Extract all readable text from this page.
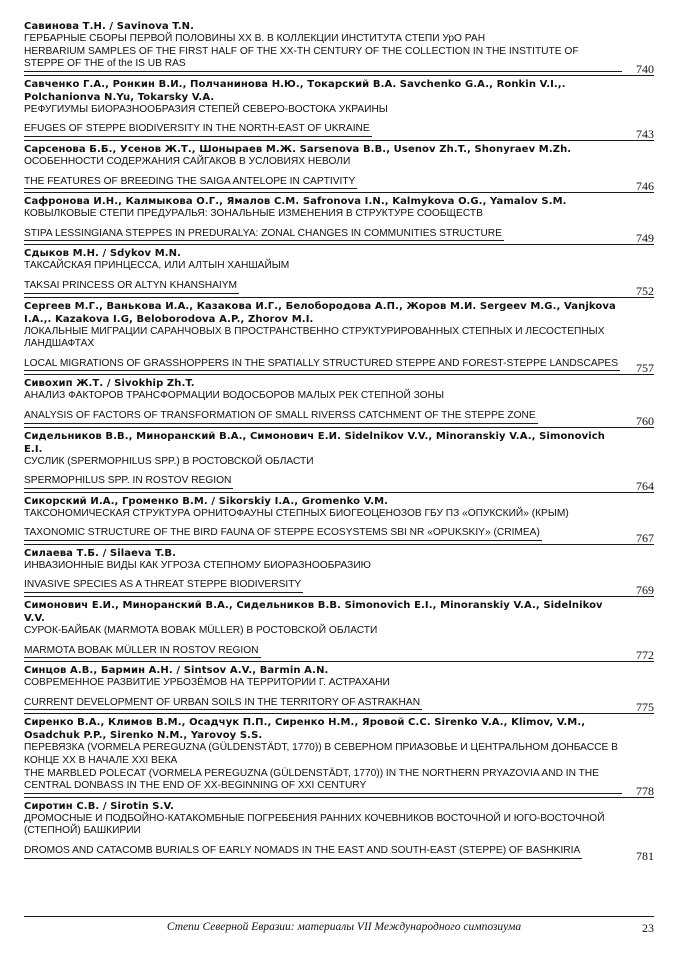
Савинова Т.Н. / Savinova T.N.
ГЕРБАРНЫЕ СБОРЫ ПЕРВОЙ ПОЛОВИНЫ XX В. В КОЛЛЕКЦИИ ИНСТИТУТА СТЕПИ УрО РАН
HERBARIUM SAMPLES OF THE FIRST HALF OF THE XX-TH CENTURY OF THE COLLECTION IN THE INSTITUTE OF STEPPE OF THE of the IS UB RAS	740
Савченко Г.А., Ронкин В.И., Полчанинова Н.Ю., Токарский В.А. Savchenko G.A., Ronkin V.I.,. Polchanionva N.Yu, Tokarsky V.A.
РЕФУГИУМЫ БИОРАЗНООБРАЗИЯ СТЕПЕЙ СЕВЕРО-ВОСТОКА УКРАИНЫ
EFUGES OF STEPPE BIODIVERSITY IN THE NORTH-EAST OF UKRAINE	743
Сарсенова Б.Б., Усенов Ж.Т., Шонырaев М.Ж. Sarsenova B.B., Usenov Zh.T., Shonyraev M.Zh.
ОСОБЕННОСТИ СОДЕРЖАНИЯ САЙГАКОВ В УСЛОВИЯХ НЕВОЛИ
THE FEATURES OF BREEDING THE SAIGA ANTELOPE IN CAPTIVITY	746
Сафронова И.Н., Калмыкова О.Г., Ямалов С.М. Safronova I.N., Kalmykova O.G., Yamalov S.M.
КОВЫЛКОВЫЕ СТЕПИ ПРЕДУРАЛЬЯ: ЗОНАЛЬНЫЕ ИЗМЕНЕНИЯ В СТРУКТУРЕ СООБЩЕСТВ
STIPA LESSINGIANA STEPPES IN PREDURALYA: ZONAL CHANGES IN COMMUNITIES STRUCTURE	749
Сдыков М.Н. / Sdykov M.N.
ТАКСАЙСКАЯ ПРИНЦЕССА, ИЛИ АЛТЫН ХАНШАЙЫМ
TAKSAI PRINCESS OR ALTYN KHANSHAIYM	752
Сергеев М.Г., Ванькова И.А., Казакова И.Г., Белобородова А.П., Жоров М.И. Sergeev M.G., Vanjkova I.A.,. Kazakova I.G, Beloborodova A.P., Zhorov M.I.
ЛОКАЛЬНЫЕ МИГРАЦИИ САРАНЧОВЫХ В ПРОСТРАНСТВЕННО СТРУКТУРИРОВАННЫХ СТЕПНЫХ И ЛЕСОСТЕПНЫХ ЛАНДШАФТАХ
LOCAL MIGRATIONS OF GRASSHOPPERS IN THE SPATIALLY STRUCTURED STEPPE AND FOREST-STEPPE LANDSCAPES	757
Сивохип Ж.Т. / Sivokhip Zh.T.
АНАЛИЗ ФАКТОРОВ ТРАНСФОРМАЦИИ ВОДОСБОРОВ МАЛЫХ РЕК СТЕПНОЙ ЗОНЫ
ANALYSIS OF FACTORS OF TRANSFORMATION OF SMALL RIVERSS CATCHMENT OF THE STEPPE ZONE	760
Сидельников В.В., Миноранский В.А., Симонович Е.И. Sidelnikov V.V., Minoranskiy V.A., Simonovich E.I.
СУСЛИК (SPERMOPHILUS SPP.) В РОСТОВСКОЙ ОБЛАСТИ
SPERMOPHILUS SPP. IN ROSTOV REGION	764
Сикорский И.А., Громенко В.М. / Sikorskiy I.A., Gromenko V.M.
ТАКСОНОМИЧЕСКАЯ СТРУКТУРА ОРНИТОФАУНЫ СТЕПНЫХ БИОГЕОЦЕНОЗОВ ГБУ ПЗ «ОПУКСКИЙ» (КРЫМ)
TAXONOMIC STRUCTURE OF THE BIRD FAUNA OF STEPPE ECOSYSTEMS SBI NR «OPUKSKIY» (CRIMEA)	767
Силаева Т.Б. / Silaeva T.B.
ИНВАЗИОННЫЕ ВИДЫ КАК УГРОЗА СТЕПНОМУ БИОРАЗНООБРАЗИЮ
INVASIVE SPECIES AS A THREAT STEPPE BIODIVERSITY	769
Симонович Е.И., Миноранский В.А., Сидельников В.В. Simonovich E.I., Minoranskiy V.A., Sidelnikov V.V.
СУРОК-БАЙБАК (MARMOTA BOBAK MÜLLER) В РОСТОВСКОЙ ОБЛАСТИ
MARMOTA BOBAK MÜLLER IN ROSTOV REGION	772
Синцов А.В., Бармин А.Н. / Sintsov A.V., Barmin A.N.
СОВРЕМЕННОЕ РАЗВИТИЕ УРБОЗЁМОВ НА ТЕРРИТОРИИ Г. АСТРАХАНИ
CURRENT DEVELOPMENT OF URBAN SOILS IN THE TERRITORY OF ASTRAKHAN	775
Сиренко В.А., Климов В.М., Осадчук П.П., Сиренко Н.М., Яровой С.С. Sirenko V.A., Klimov, V.M., Osadchuk P.P., Sirenko N.M., Yarovoy S.S.
ПЕРЕВЯЗКА (VORMELA PEREGUZNA (GÜLDENSTÄDT, 1770)) В СЕВЕРНОМ ПРИАЗОВЬЕ И ЦЕНТРАЛЬНОМ ДОНБАССЕ В КОНЦЕ XX В НАЧАЛЕ XXI ВЕКА
THE MARBLED POLECAT (VORMELA PEREGUZNA (GÜLDENSTÄDT, 1770)) IN THE NORTHERN PRYAZOVIA AND IN THE CENTRAL DONBASS IN THE END OF XX-BEGINNING OF XXI CENTURY	778
Сиротин С.В. / Sirotin S.V.
ДРОМОСНЫЕ И ПОДБОЙНО-КАТАКОМБНЫЕ ПОГРЕБЕНИЯ РАННИХ КОЧЕВНИКОВ ВОСТОЧНОЙ И ЮГО-ВОСТОЧНОЙ (СТЕПНОЙ) БАШКИРИИ
DROMOS AND CATACOMB BURIALS OF EARLY NOMADS IN THE EAST AND SOUTH-EAST (STEPPE) OF BASHKIRIA	781
Степи Северной Евразии: материалы VII Международного симпозиума	23
